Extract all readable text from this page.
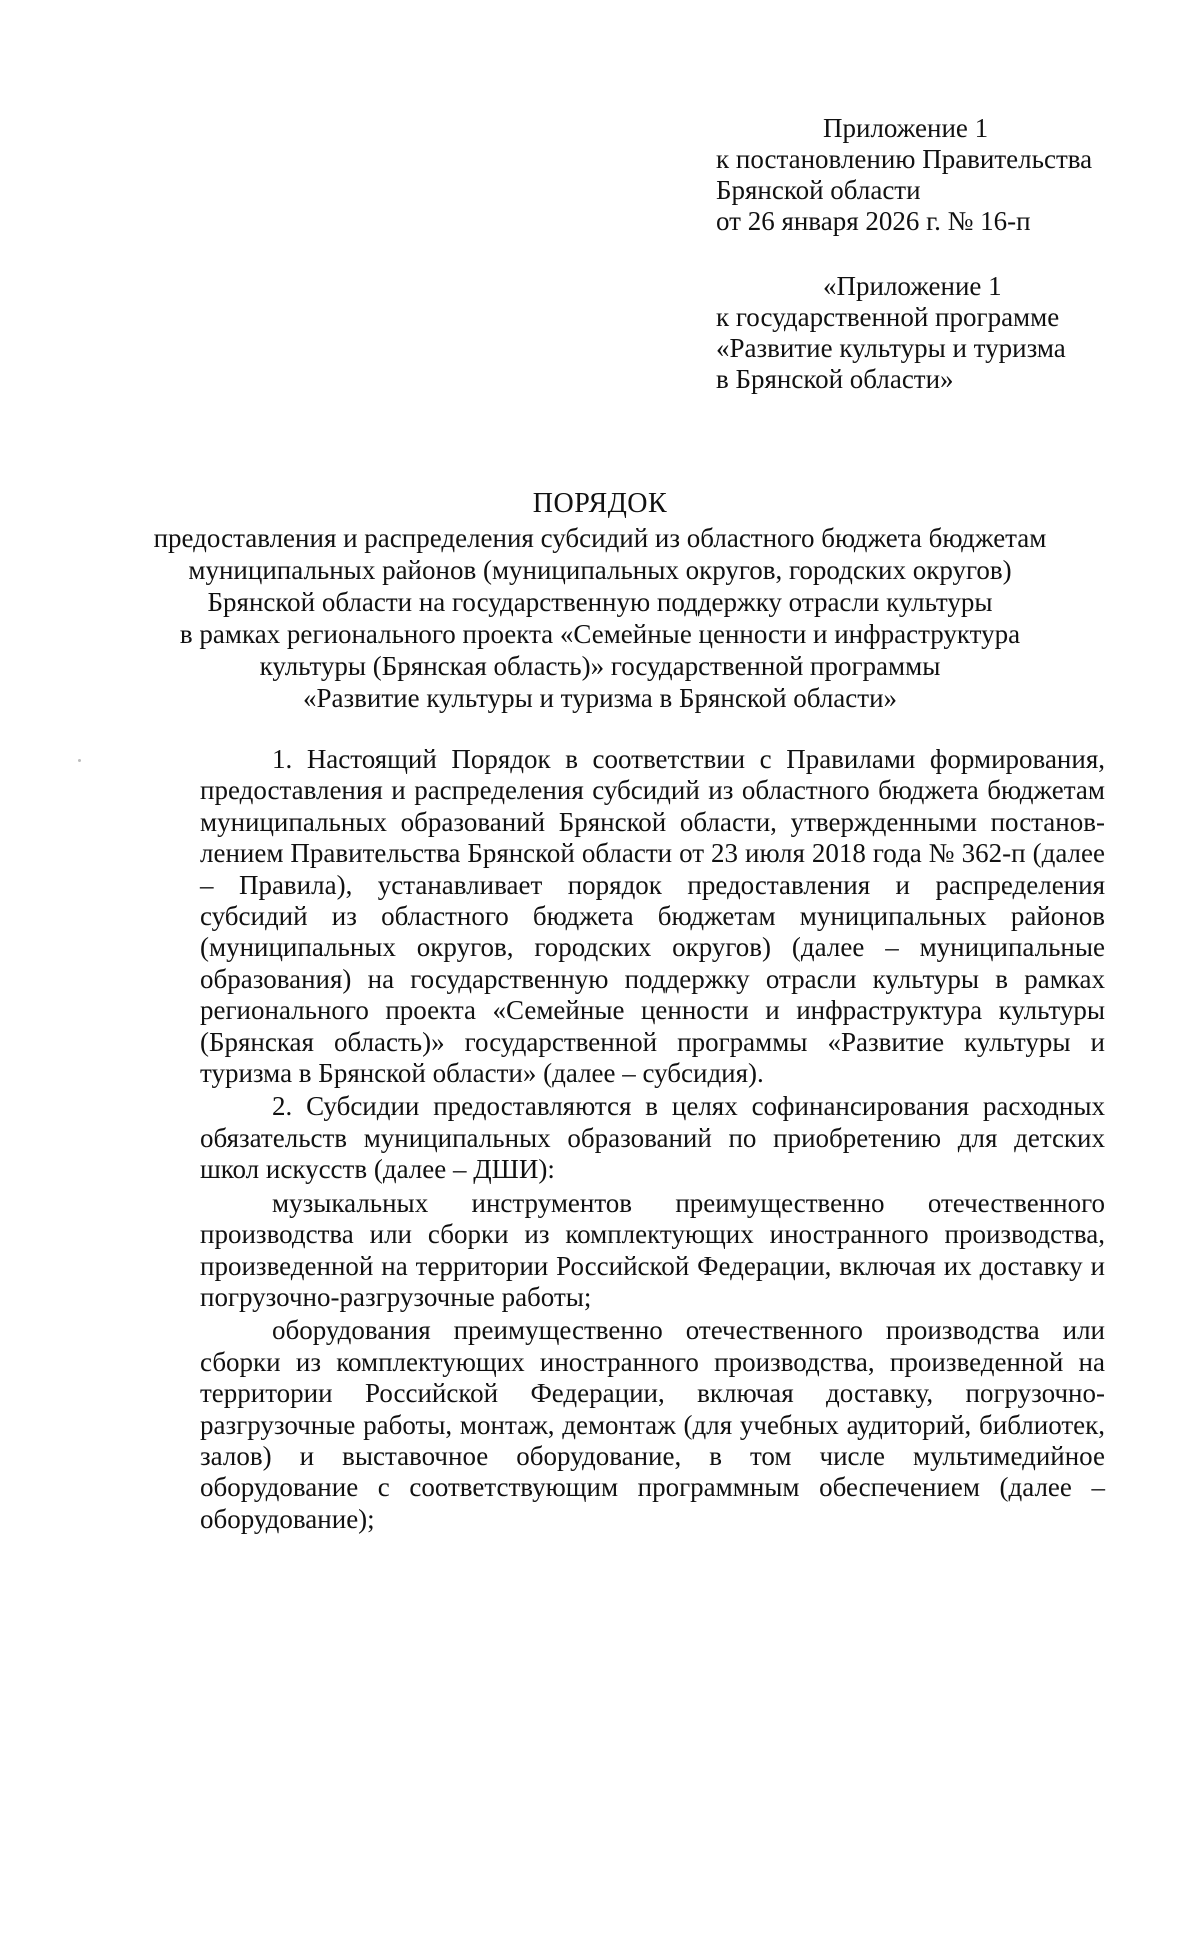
Приложение 1
к постановлению Правительства
Брянской области
от 26 января 2026 г. № 16-п
«Приложение 1
к государственной программе
«Развитие культуры и туризма
в Брянской области»
ПОРЯДОК
предоставления и распределения субсидий из областного бюджета бюджетам
муниципальных районов (муниципальных округов, городских округов)
Брянской области на государственную поддержку отрасли культуры
в рамках регионального проекта «Семейные ценности и инфраструктура
культуры (Брянская область)» государственной программы
«Развитие культуры и туризма в Брянской области»

1. Настоящий Порядок в соответствии с Правилами формирования, предоставления и распределения субсидий из областного бюджета бюджетам муниципальных образований Брянской области, утвержденными постановлением Правительства Брянской области от 23 июля 2018 года № 362-п (далее – Правила), устанавливает порядок предоставления и распределения субсидий из областного бюджета бюджетам муниципальных районов (муниципальных округов, городских округов) (далее – муниципальные образования) на государственную поддержку отрасли культуры в рамках регионального проекта «Семейные ценности и инфраструктура культуры (Брянская область)» государственной программы «Развитие культуры и туризма в Брянской области» (далее – субсидия).

2. Субсидии предоставляются в целях софинансирования расходных обязательств муниципальных образований по приобретению для детских школ искусств (далее – ДШИ):

музыкальных инструментов преимущественно отечественного производства или сборки из комплектующих иностранного производства, произведенной на территории Российской Федерации, включая их доставку и погрузочно-разгрузочные работы;

оборудования преимущественно отечественного производства или сборки из комплектующих иностранного производства, произведенной на территории Российской Федерации, включая доставку, погрузочно-разгрузочные работы, монтаж, демонтаж (для учебных аудиторий, библиотек, залов) и выставочное оборудование, в том числе мультимедийное оборудование с соответствующим программным обеспечением (далее – оборудование);
